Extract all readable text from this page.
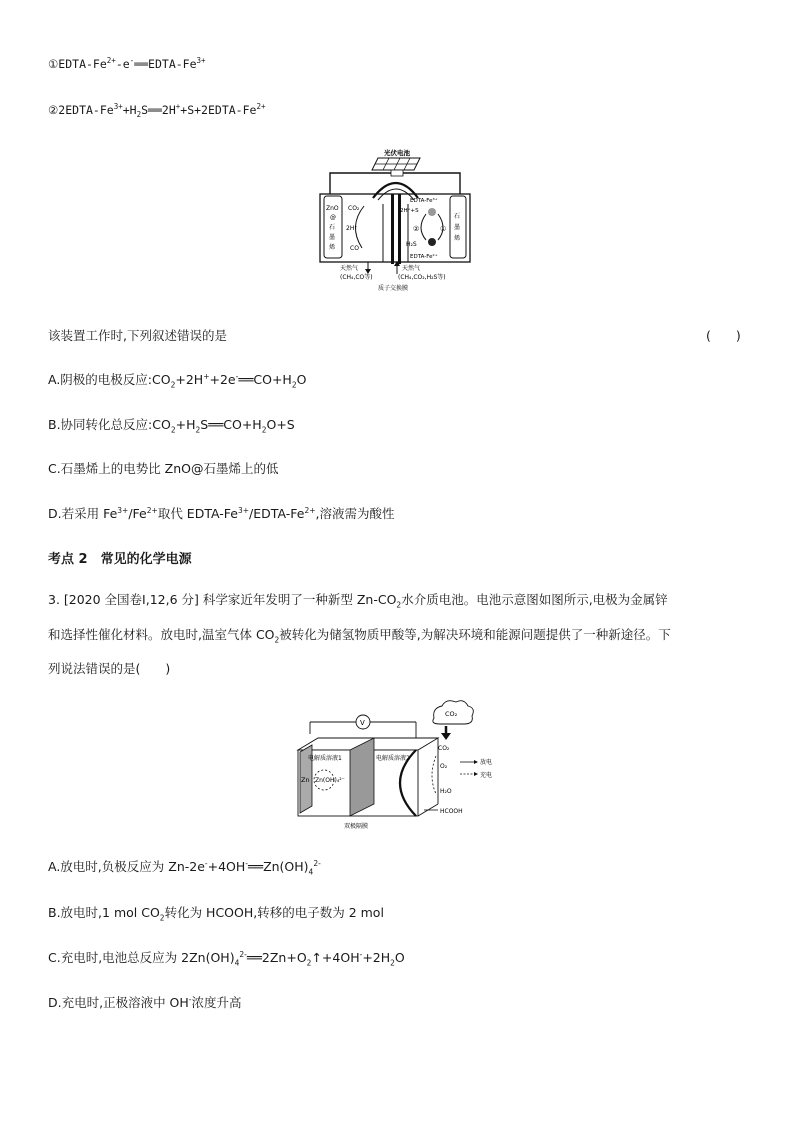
①EDTA-$Fe^{2+}-e^-══EDTA-Fe^{3+}$
$②2EDTA-Fe^{3+}+H_2S══2H^++S+2EDTA-Fe^{2+}$
光伏电池
ZnO
@
石
墨
烯
石
墨
烯
CO₂
2H⁺
CO
EDTA-Fe³⁺
2H⁺+S
②	①
H₂S
EDTA-Fe²⁺
天然气
(CH₄,CO等)
天然气
(CH₄,CO₂,H₂S等)
质子交换膜
该装置工作时,下列叙述错误的是	(　　)
A.阴极的电极反应$:CO_2+2H^++2e^-══CO+H_2O$
B.协同转化总反应$:CO_2+H_2S══CO+H_2O+S$
C.石墨烯上的电势比 ZnO@石墨烯上的低
D.若采用 $Fe^{3+}/Fe^{2+}$取代 EDTA-$Fe^{3+}/EDTA-Fe^{2+}$,溶液需为酸性
考点 2　常见的化学电源
3. [2020 全国卷Ⅰ,12,6 分] 科学家近年发明了一种新型 $Zn-CO_2$水介质电池。电池示意图如图所示,电极为金属锌
和选择性催化材料。放电时,温室气体 $CO_2$被转化为储氢物质甲酸等,为解决环境和能源问题提供了一种新途径。下
列说法错误的是(　　)
CO₂
V
电解质溶液1	电解质溶液2
Zn Zn(OH)₄²⁻
CO₂
O₂
放电
充电
H₂O
HCOOH
双极隔膜
A.放电时,负极反应为 $Zn-2e^-+4OH^-══Zn(OH)_4^{2-}$
B.放电时,1 mol $CO_2$转化为 HCOOH,转移的电子数为 2 mol
C.充电时,电池总反应为 $2Zn(OH)_4^{2-}══2Zn+O_2↑+4OH^-+2H_2O$
D.充电时,正极溶液中 OH-浓度升高
